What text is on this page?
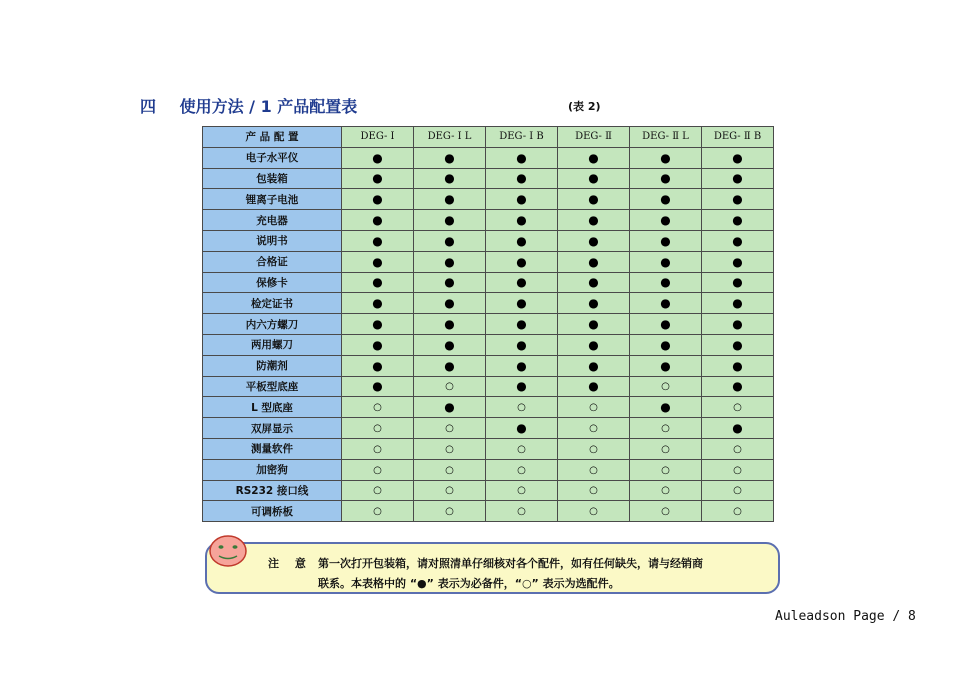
四 使用方法 / 1 产品配置表	(表 2)
产 品 配 置	DEG- Ⅰ	DEG- Ⅰ L	DEG- Ⅰ B	DEG- Ⅱ	DEG- Ⅱ L	DEG- Ⅱ B
电子水平仪	●	●	●	●	●	●
包装箱	●	●	●	●	●	●
锂离子电池	●	●	●	●	●	●
充电器	●	●	●	●	●	●
说明书	●	●	●	●	●	●
合格证	●	●	●	●	●	●
保修卡	●	●	●	●	●	●
检定证书	●	●	●	●	●	●
内六方螺刀	●	●	●	●	●	●
两用螺刀	●	●	●	●	●	●
防潮剂	●	●	●	●	●	●
平板型底座	●	○	●	●	○	●
L 型底座	○	●	○	○	●	○
双屏显示	○	○	●	○	○	●
测量软件	○	○	○	○	○	○
加密狗	○	○	○	○	○	○
RS232 接口线	○	○	○	○	○	○
可调桥板	○	○	○	○	○	○
注 意 第一次打开包装箱，请对照清单仔细核对各个配件，如有任何缺失，请与经销商
联系。本表格中的 “●” 表示为必备件，“○” 表示为选配件。
Auleadson Page / 8
